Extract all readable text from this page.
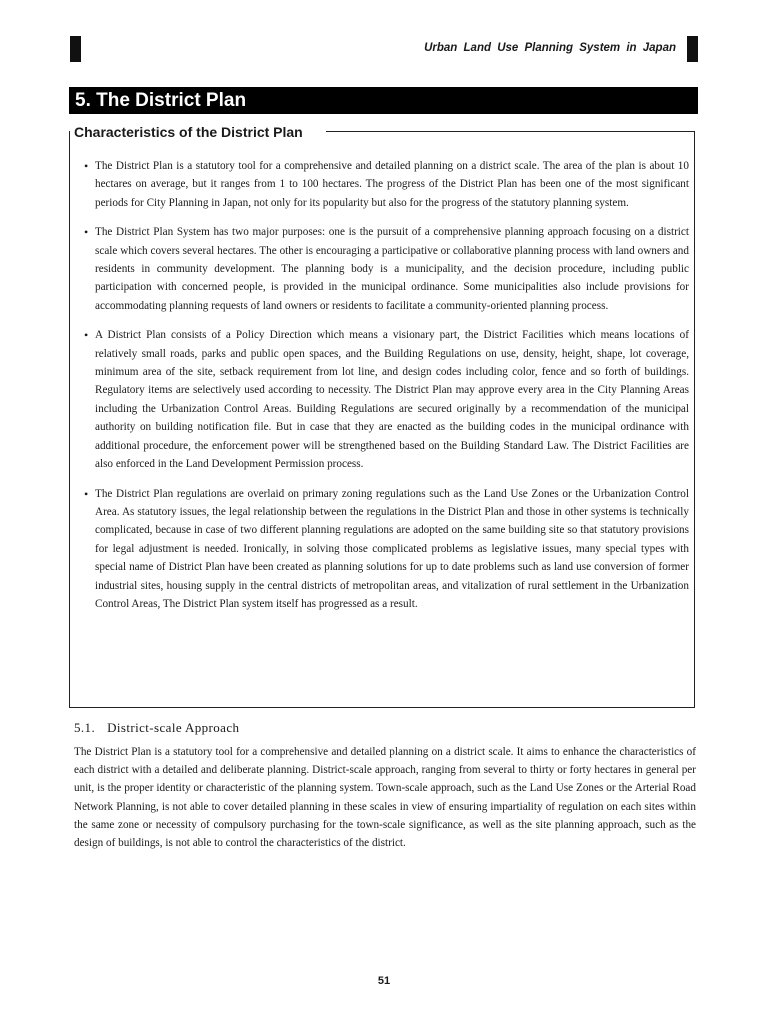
Urban Land Use Planning System in Japan
5. The District Plan
Characteristics of the District Plan
• The District Plan is a statutory tool for a comprehensive and detailed planning on a district scale. The area of the plan is about 10 hectares on average, but it ranges from 1 to 100 hectares. The progress of the District Plan has been one of the most significant periods for City Planning in Japan, not only for its popularity but also for the progress of the statutory planning system.
• The District Plan System has two major purposes: one is the pursuit of a comprehensive planning approach focusing on a district scale which covers several hectares. The other is encouraging a participative or collaborative planning process with land owners and residents in community development. The planning body is a municipality, and the decision procedure, including public participation with concerned people, is provided in the municipal ordinance. Some municipalities also include provisions for accommodating planning requests of land owners or residents to facilitate a community-oriented planning process.
• A District Plan consists of a Policy Direction which means a visionary part, the District Facilities which means locations of relatively small roads, parks and public open spaces, and the Building Regulations on use, density, height, shape, lot coverage, minimum area of the site, setback requirement from lot line, and design codes including color, fence and so forth of buildings. Regulatory items are selectively used according to necessity. The District Plan may approve every area in the City Planning Areas including the Urbanization Control Areas. Building Regulations are secured originally by a recommendation of the municipal authority on building notification file. But in case that they are enacted as the building codes in the municipal ordinance with additional procedure, the enforcement power will be strengthened based on the Building Standard Law. The District Facilities are also enforced in the Land Development Permission process.
• The District Plan regulations are overlaid on primary zoning regulations such as the Land Use Zones or the Urbanization Control Area. As statutory issues, the legal relationship between the regulations in the District Plan and those in other systems is technically complicated, because in case of two different planning regulations are adopted on the same building site so that statutory provisions for legal adjustment is needed. Ironically, in solving those complicated problems as legislative issues, many special types with special name of District Plan have been created as planning solutions for up to date problems such as land use conversion of former industrial sites, housing supply in the central districts of metropolitan areas, and vitalization of rural settlement in the Urbanization Control Areas, The District Plan system itself has progressed as a result.
5.1. District-scale Approach

The District Plan is a statutory tool for a comprehensive and detailed planning on a district scale. It aims to enhance the characteristics of each district with a detailed and deliberate planning. District-scale approach, ranging from several to thirty or forty hectares in general per unit, is the proper identity or characteristic of the planning system. Town-scale approach, such as the Land Use Zones or the Arterial Road Network Planning, is not able to cover detailed planning in these scales in view of ensuring impartiality of regulation on each sites within the same zone or necessity of compulsory purchasing for the town-scale significance, as well as the site planning approach, such as the design of buildings, is not able to control the characteristics of the district.

51
